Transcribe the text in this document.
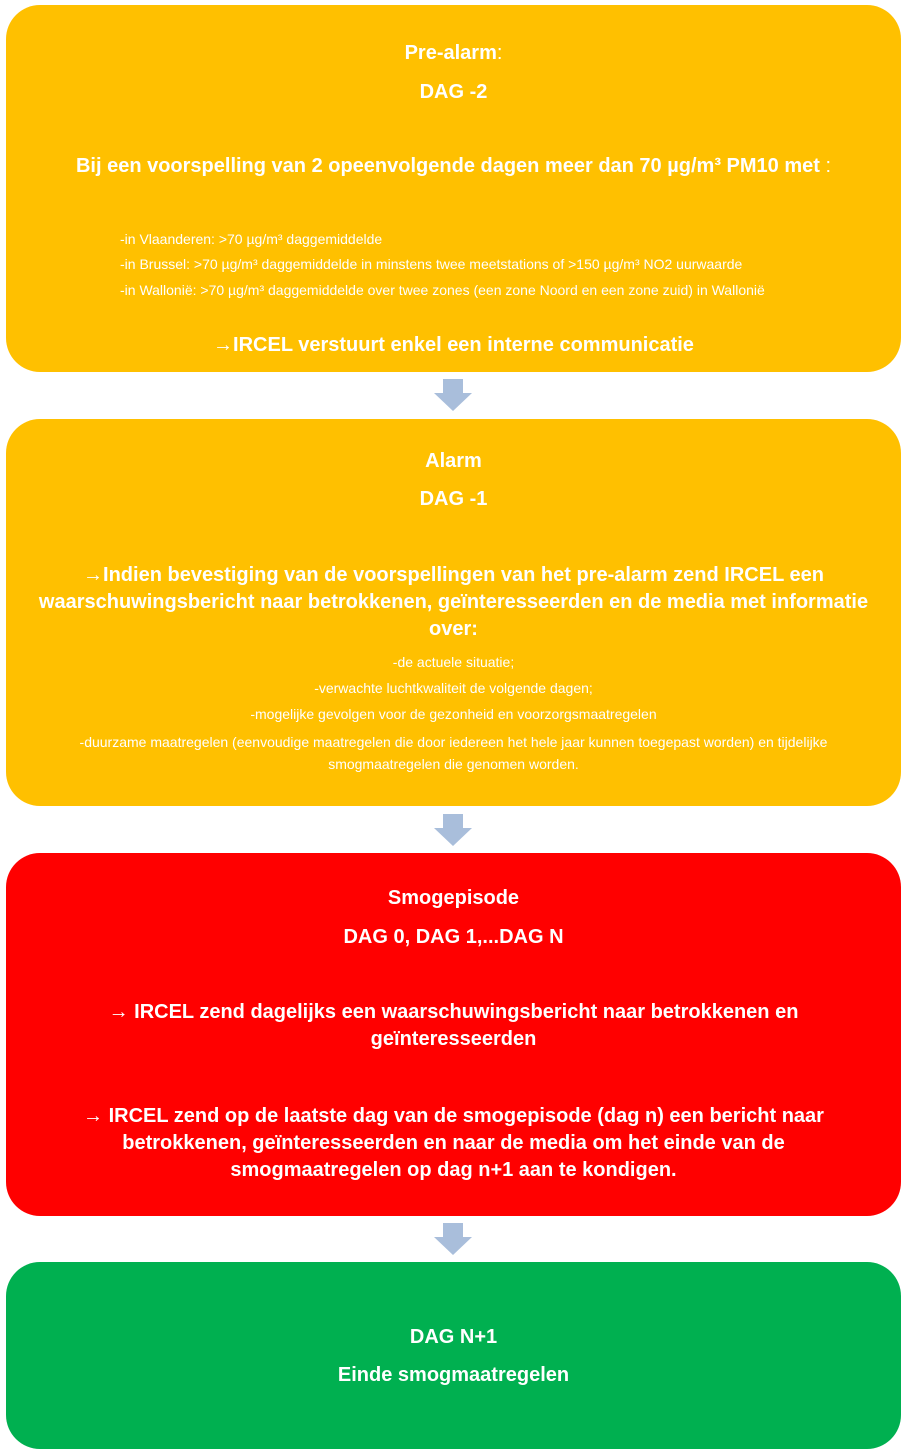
Pre-alarm:
DAG -2
Bij een voorspelling van 2 opeenvolgende dagen meer dan 70 µg/m³ PM10 met :
-in Vlaanderen: >70 µg/m³ daggemiddelde
-in Brussel: >70 µg/m³ daggemiddelde in minstens twee meetstations of >150 µg/m³ NO2 uurwaarde
-in Wallonië: >70 µg/m³ daggemiddelde over twee zones (een zone Noord en een zone zuid) in Wallonië
→IRCEL verstuurt enkel een interne communicatie
Alarm
DAG -1
→Indien bevestiging van de voorspellingen van het pre-alarm zend IRCEL een waarschuwingsbericht naar betrokkenen, geïnteresseerden en de media met informatie over:
-de actuele situatie;
-verwachte luchtkwaliteit de volgende dagen;
-mogelijke gevolgen voor de gezonheid en voorzorgsmaatregelen
-duurzame maatregelen (eenvoudige maatregelen die door iedereen het hele jaar kunnen toegepast worden) en tijdelijke smogmaatregelen die genomen worden.
Smogepisode
DAG 0, DAG 1,...DAG N
→ IRCEL zend dagelijks een waarschuwingsbericht naar betrokkenen en geïnteresseerden
→ IRCEL zend op de laatste dag van de smogepisode (dag n) een bericht naar betrokkenen, geïnteresseerden en naar de media om het einde van de smogmaatregelen op dag n+1 aan te kondigen.
DAG N+1
Einde smogmaatregelen
